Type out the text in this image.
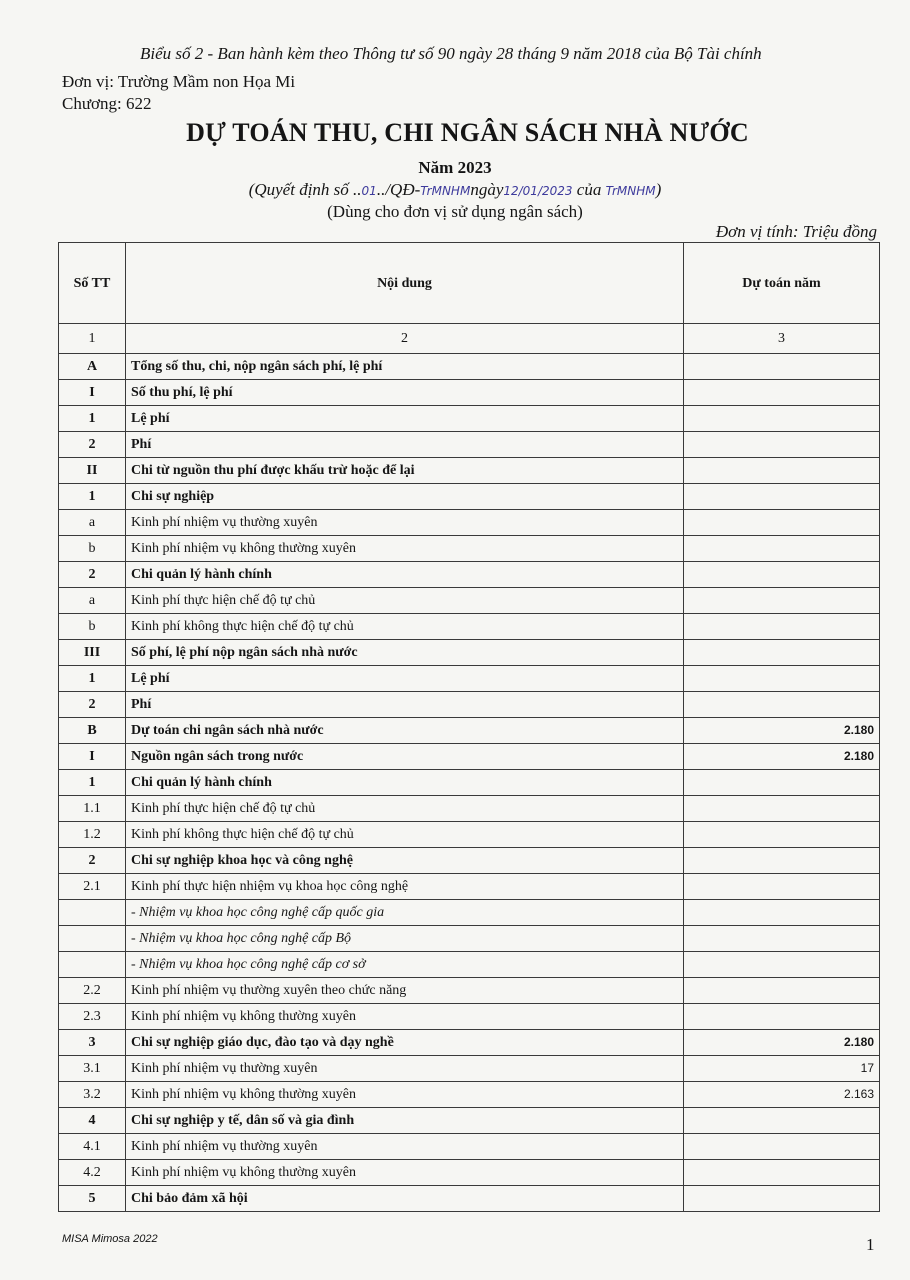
Biểu số 2 - Ban hành kèm theo Thông tư số 90 ngày 28 tháng 9 năm 2018 của Bộ Tài chính
Đơn vị: Trường Mầm non Họa Mi
Chương: 622
DỰ TOÁN THU, CHI NGÂN SÁCH NHÀ NƯỚC
Năm 2023
(Quyết định số ..01../QĐ-TrMNHMngày12/01/2023 của TrMNHM)
(Dùng cho đơn vị sử dụng ngân sách)
Đơn vị tính: Triệu đồng
Số TT	Nội dung	Dự toán năm
1	2	3
A	Tổng số thu, chi, nộp ngân sách phí, lệ phí	
I	Số thu phí, lệ phí	
1	Lệ phí	
2	Phí	
II	Chi từ nguồn thu phí được khấu trừ hoặc để lại	
1	Chi sự nghiệp	
a	Kinh phí nhiệm vụ thường xuyên	
b	Kinh phí nhiệm vụ không thường xuyên	
2	Chi quản lý hành chính	
a	Kinh phí thực hiện chế độ tự chủ	
b	Kinh phí không thực hiện chế độ tự chủ	
III	Số phí, lệ phí nộp ngân sách nhà nước	
1	Lệ phí	
2	Phí	
B	Dự toán chi ngân sách nhà nước	2.180
I	Nguồn ngân sách trong nước	2.180
1	Chi quản lý hành chính	
1.1	Kinh phí thực hiện chế độ tự chủ	
1.2	Kinh phí không thực hiện chế độ tự chủ	
2	Chi sự nghiệp khoa học và công nghệ	
2.1	Kinh phí thực hiện nhiệm vụ khoa học công nghệ	
	- Nhiệm vụ khoa học công nghệ cấp quốc gia	
	- Nhiệm vụ khoa học công nghệ cấp Bộ	
	- Nhiệm vụ khoa học công nghệ cấp cơ sở	
2.2	Kinh phí nhiệm vụ thường xuyên theo chức năng	
2.3	Kinh phí nhiệm vụ không thường xuyên	
3	Chi sự nghiệp giáo dục, đào tạo và dạy nghề	2.180
3.1	Kinh phí nhiệm vụ thường xuyên	17
3.2	Kinh phí nhiệm vụ không thường xuyên	2.163
4	Chi sự nghiệp y tế, dân số và gia đình	
4.1	Kinh phí nhiệm vụ thường xuyên	
4.2	Kinh phí nhiệm vụ không thường xuyên	
5	Chi bảo đảm xã hội	
MISA Mimosa 2022	1
